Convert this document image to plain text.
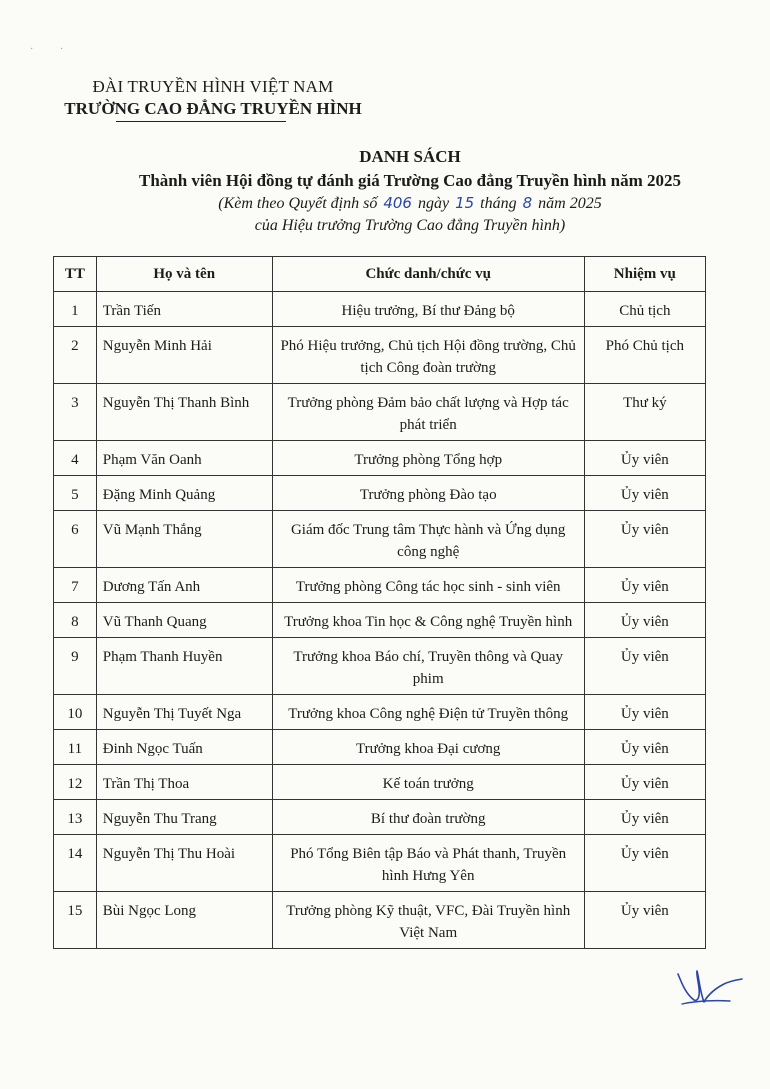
·	·
ĐÀI TRUYỀN HÌNH VIỆT NAM
TRƯỜNG CAO ĐẲNG TRUYỀN HÌNH
DANH SÁCH
Thành viên Hội đồng tự đánh giá Trường Cao đẳng Truyền hình năm 2025
(Kèm theo Quyết định số 406 ngày 15 tháng 8 năm 2025
của Hiệu trưởng Trường Cao đẳng Truyền hình)
TT	Họ và tên	Chức danh/chức vụ	Nhiệm vụ
1	Trần Tiến	Hiệu trưởng, Bí thư Đảng bộ	Chủ tịch
2	Nguyễn Minh Hải	Phó Hiệu trưởng, Chủ tịch Hội đồng trường, Chủ tịch Công đoàn trường	Phó Chủ tịch
3	Nguyễn Thị Thanh Bình	Trưởng phòng Đảm bảo chất lượng và Hợp tác phát triển	Thư ký
4	Phạm Văn Oanh	Trưởng phòng Tổng hợp	Ủy viên
5	Đặng Minh Quảng	Trưởng phòng Đào tạo	Ủy viên
6	Vũ Mạnh Thắng	Giám đốc Trung tâm Thực hành và Ứng dụng công nghệ	Ủy viên
7	Dương Tấn Anh	Trưởng phòng Công tác học sinh - sinh viên	Ủy viên
8	Vũ Thanh Quang	Trưởng khoa Tin học & Công nghệ Truyền hình	Ủy viên
9	Phạm Thanh Huyền	Trưởng khoa Báo chí, Truyền thông và Quay phim	Ủy viên
10	Nguyễn Thị Tuyết Nga	Trưởng khoa Công nghệ Điện tử Truyền thông	Ủy viên
11	Đinh Ngọc Tuấn	Trưởng khoa Đại cương	Ủy viên
12	Trần Thị Thoa	Kế toán trưởng	Ủy viên
13	Nguyễn Thu Trang	Bí thư đoàn trường	Ủy viên
14	Nguyễn Thị Thu Hoài	Phó Tổng Biên tập Báo và Phát thanh, Truyền hình Hưng Yên	Ủy viên
15	Bùi Ngọc Long	Trưởng phòng Kỹ thuật, VFC, Đài Truyền hình Việt Nam	Ủy viên
